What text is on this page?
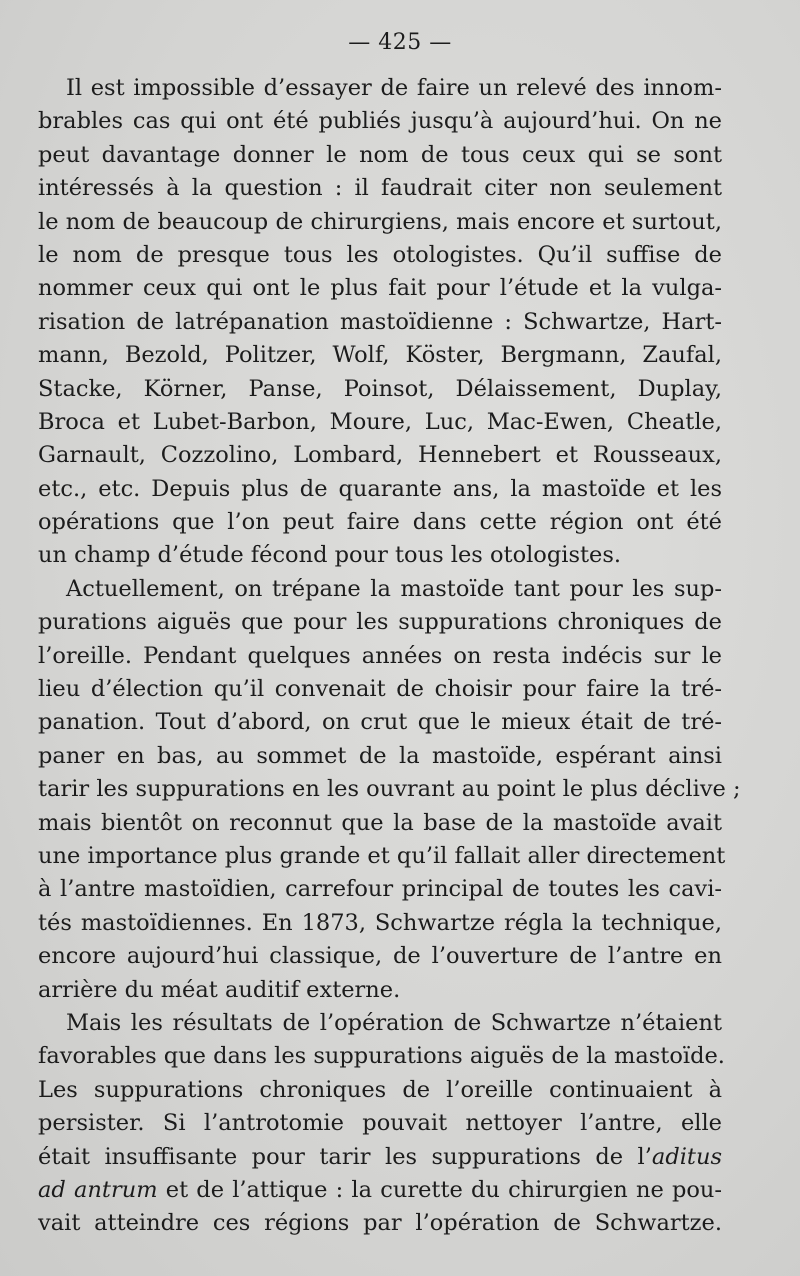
— 425 —
Il est impossible d’essayer de faire un relevé des innom-
brables cas qui ont été publiés jusqu’à aujourd’hui. On ne
peut davantage donner le nom de tous ceux qui se sont
intéressés à la question : il faudrait citer non seulement
le nom de beaucoup de chirurgiens, mais encore et surtout,
le nom de presque tous les otologistes. Qu’il suffise de
nommer ceux qui ont le plus fait pour l’étude et la vulga-
risation de latrépanation mastoïdienne : Schwartze, Hart-
mann, Bezold, Politzer, Wolf, Köster, Bergmann, Zaufal,
Stacke, Körner, Panse, Poinsot, Délaissement, Duplay,
Broca et Lubet-Barbon, Moure, Luc, Mac-Ewen, Cheatle,
Garnault, Cozzolino, Lombard, Hennebert et Rousseaux,
etc., etc. Depuis plus de quarante ans, la mastoïde et les
opérations que l’on peut faire dans cette région ont été
un champ d’étude fécond pour tous les otologistes.
Actuellement, on trépane la mastoïde tant pour les sup-
purations aiguës que pour les suppurations chroniques de
l’oreille. Pendant quelques années on resta indécis sur le
lieu d’élection qu’il convenait de choisir pour faire la tré-
panation. Tout d’abord, on crut que le mieux était de tré-
paner en bas, au sommet de la mastoïde, espérant ainsi
tarir les suppurations en les ouvrant au point le plus déclive ;
mais bientôt on reconnut que la base de la mastoïde avait
une importance plus grande et qu’il fallait aller directement
à l’antre mastoïdien, carrefour principal de toutes les cavi-
tés mastoïdiennes. En 1873, Schwartze régla la technique,
encore aujourd’hui classique, de l’ouverture de l’antre en
arrière du méat auditif externe.
Mais les résultats de l’opération de Schwartze n’étaient
favorables que dans les suppurations aiguës de la mastoïde.
Les suppurations chroniques de l’oreille continuaient à
persister. Si l’antrotomie pouvait nettoyer l’antre, elle
était insuffisante pour tarir les suppurations de l’aditus
ad antrum et de l’attique : la curette du chirurgien ne pou-
vait atteindre ces régions par l’opération de Schwartze.
